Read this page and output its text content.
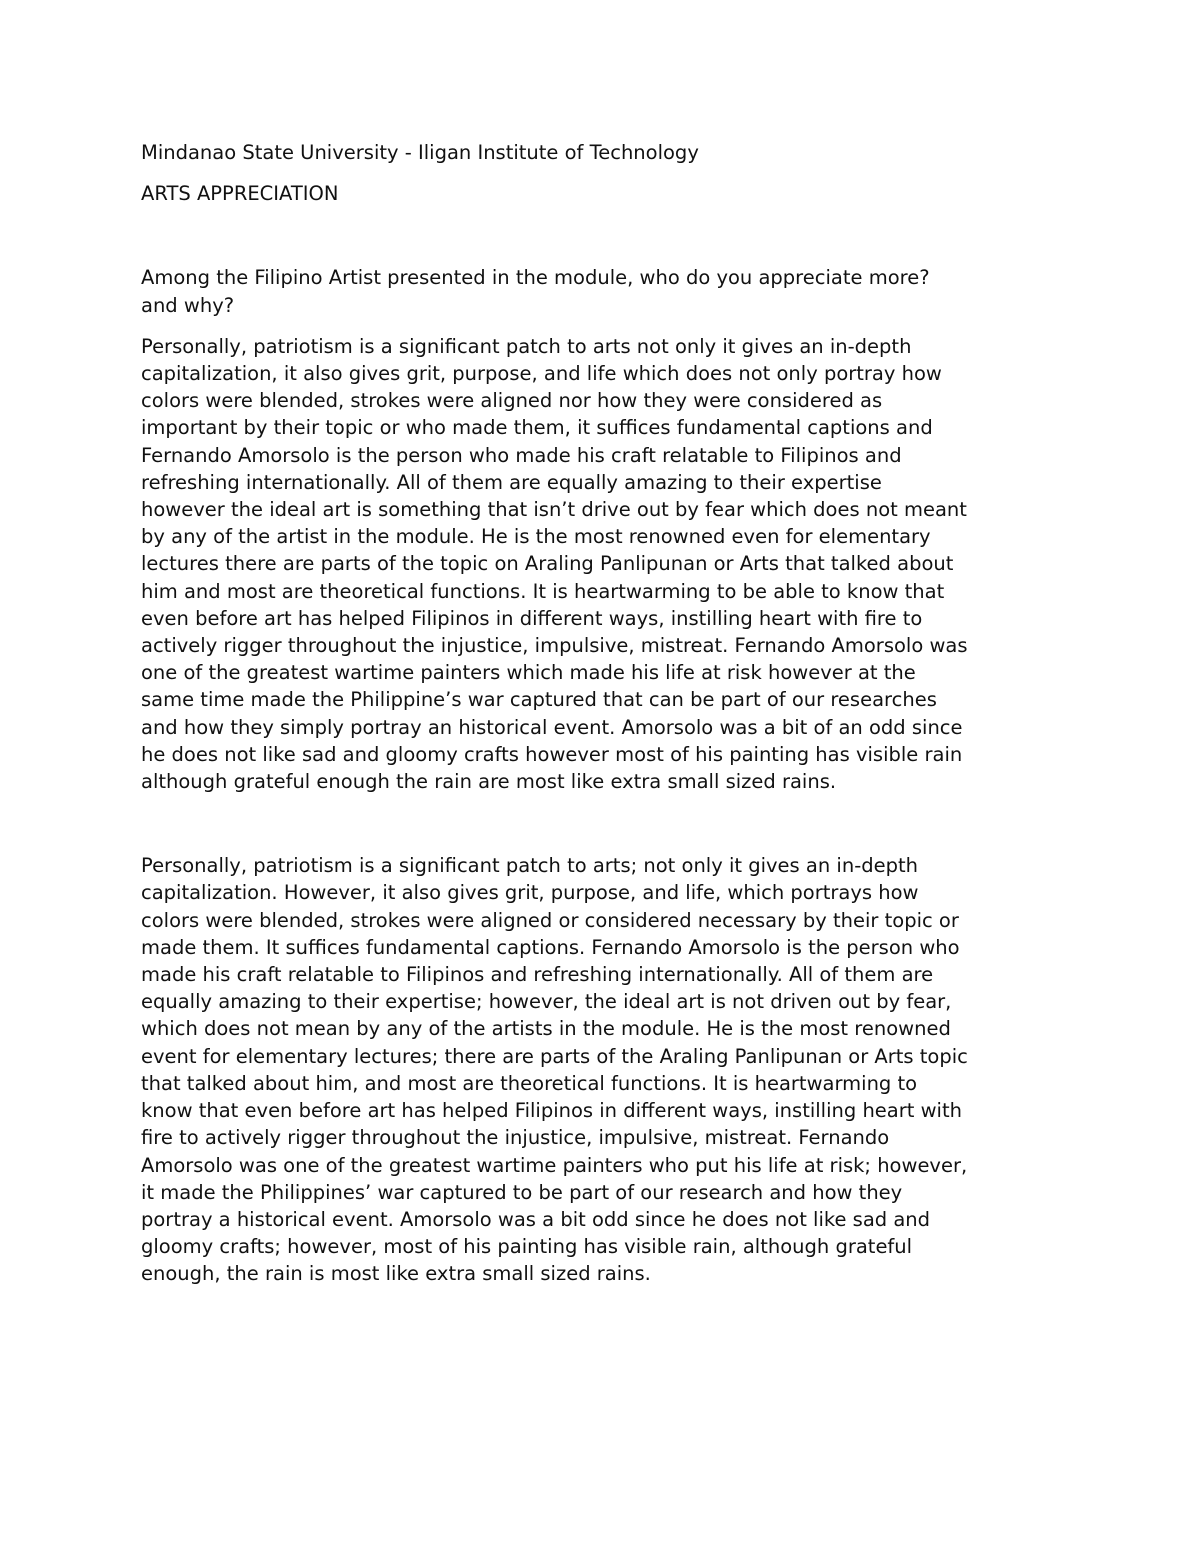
Mindanao State University - Iligan Institute of Technology

ARTS APPRECIATION

Among the Filipino Artist presented in the module, who do you appreciate more?
and why?

Personally, patriotism is a significant patch to arts not only it gives an in-depth
capitalization, it also gives grit, purpose, and life which does not only portray how
colors were blended, strokes were aligned nor how they were considered as
important by their topic or who made them, it suffices fundamental captions and
Fernando Amorsolo is the person who made his craft relatable to Filipinos and
refreshing internationally. All of them are equally amazing to their expertise
however the ideal art is something that isn’t drive out by fear which does not meant
by any of the artist in the module. He is the most renowned even for elementary
lectures there are parts of the topic on Araling Panlipunan or Arts that talked about
him and most are theoretical functions. It is heartwarming to be able to know that
even before art has helped Filipinos in different ways, instilling heart with fire to
actively rigger throughout the injustice, impulsive, mistreat. Fernando Amorsolo was
one of the greatest wartime painters which made his life at risk however at the
same time made the Philippine’s war captured that can be part of our researches
and how they simply portray an historical event. Amorsolo was a bit of an odd since
he does not like sad and gloomy crafts however most of his painting has visible rain
although grateful enough the rain are most like extra small sized rains.

Personally, patriotism is a significant patch to arts; not only it gives an in-depth
capitalization. However, it also gives grit, purpose, and life, which portrays how
colors were blended, strokes were aligned or considered necessary by their topic or
made them. It suffices fundamental captions. Fernando Amorsolo is the person who
made his craft relatable to Filipinos and refreshing internationally. All of them are
equally amazing to their expertise; however, the ideal art is not driven out by fear,
which does not mean by any of the artists in the module. He is the most renowned
event for elementary lectures; there are parts of the Araling Panlipunan or Arts topic
that talked about him, and most are theoretical functions. It is heartwarming to
know that even before art has helped Filipinos in different ways, instilling heart with
fire to actively rigger throughout the injustice, impulsive, mistreat. Fernando
Amorsolo was one of the greatest wartime painters who put his life at risk; however,
it made the Philippines’ war captured to be part of our research and how they
portray a historical event. Amorsolo was a bit odd since he does not like sad and
gloomy crafts; however, most of his painting has visible rain, although grateful
enough, the rain is most like extra small sized rains.
